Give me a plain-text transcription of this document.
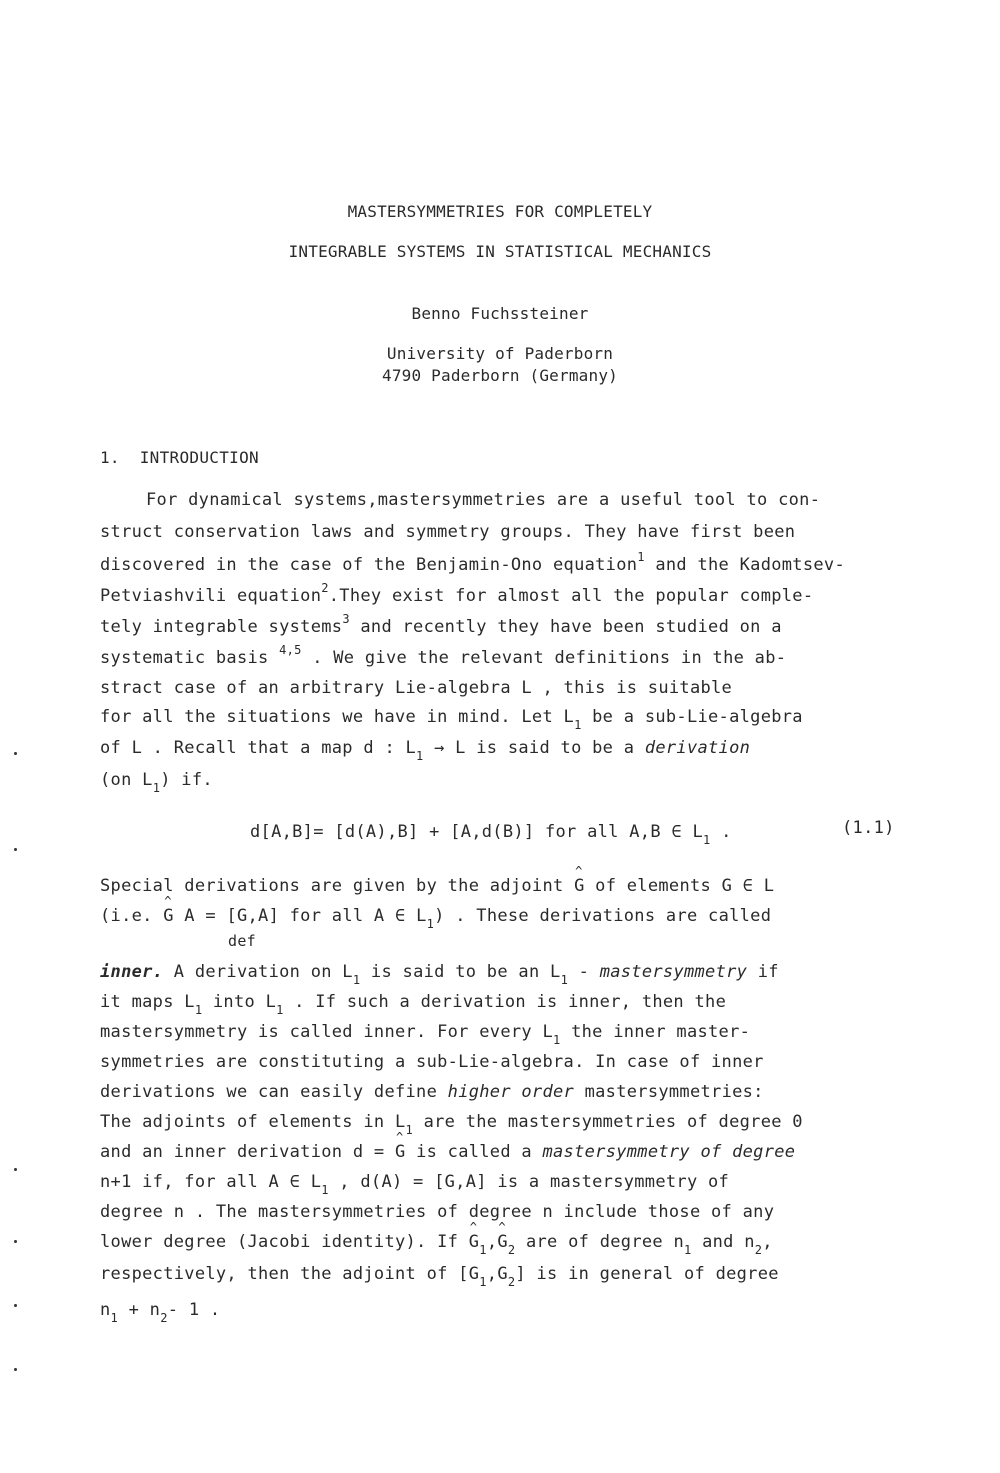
MASTERSYMMETRIES FOR COMPLETELY
INTEGRABLE SYSTEMS IN STATISTICAL MECHANICS
Benno Fuchssteiner
University of Paderborn
4790 Paderborn (Germany)
1. INTRODUCTION
For dynamical systems,mastersymmetries are a useful tool to con-
struct conservation laws and symmetry groups. They have first been
discovered in the case of the Benjamin-Ono equation$^1$ and the Kadomtsev-
Petviashvili equation$^2$.They exist for almost all the popular comple-
tely integrable systems$^3$ and recently they have been studied on a
systematic basis $^{4,5}$ . We give the relevant definitions in the ab-
stract case of an arbitrary Lie-algebra L , this is suitable
for all the situations we have in mind. Let $L_1$ be a sub-Lie-algebra
of L . Recall that a map d : $L_1 \to L$ is said to be a derivation
(on $L_1$) if.
d[A,B]= [d(A),B] + [A,d(B)] for all A,B ∈ $L_1$ .	(1.1)
Special derivations are given by the adjoint ^ G of elements G ∈ L
(i.e. ^ G A = [G,A] for all A ∈ $L_1$) . These derivations are called
def
inner. A derivation on $L_1$ is said to be an $L_1$ - mastersymmetry if
it maps $L_1$ into $L_1$ . If such a derivation is inner, then the
mastersymmetry is called inner. For every $L_1$ the inner master-
symmetries are constituting a sub-Lie-algebra. In case of inner
derivations we can easily define higher order mastersymmetries:
The adjoints of elements in $L_1$ are the mastersymmetries of degree 0
and an inner derivation d = ^ G is called a mastersymmetry of degree
n+1 if, for all A ∈ $L_1$ , d(A) = [G,A] is a mastersymmetry of
degree n . The mastersymmetries of degree n include those of any
lower degree (Jacobi identity). If ^ $G_1,\^{}$ $G_2$ are of degree $n_1$ and $n_2$,
respectively, then the adjoint of $[G_1,G_2]$ is in general of degree
$n_1 + n_2-$ 1 .
